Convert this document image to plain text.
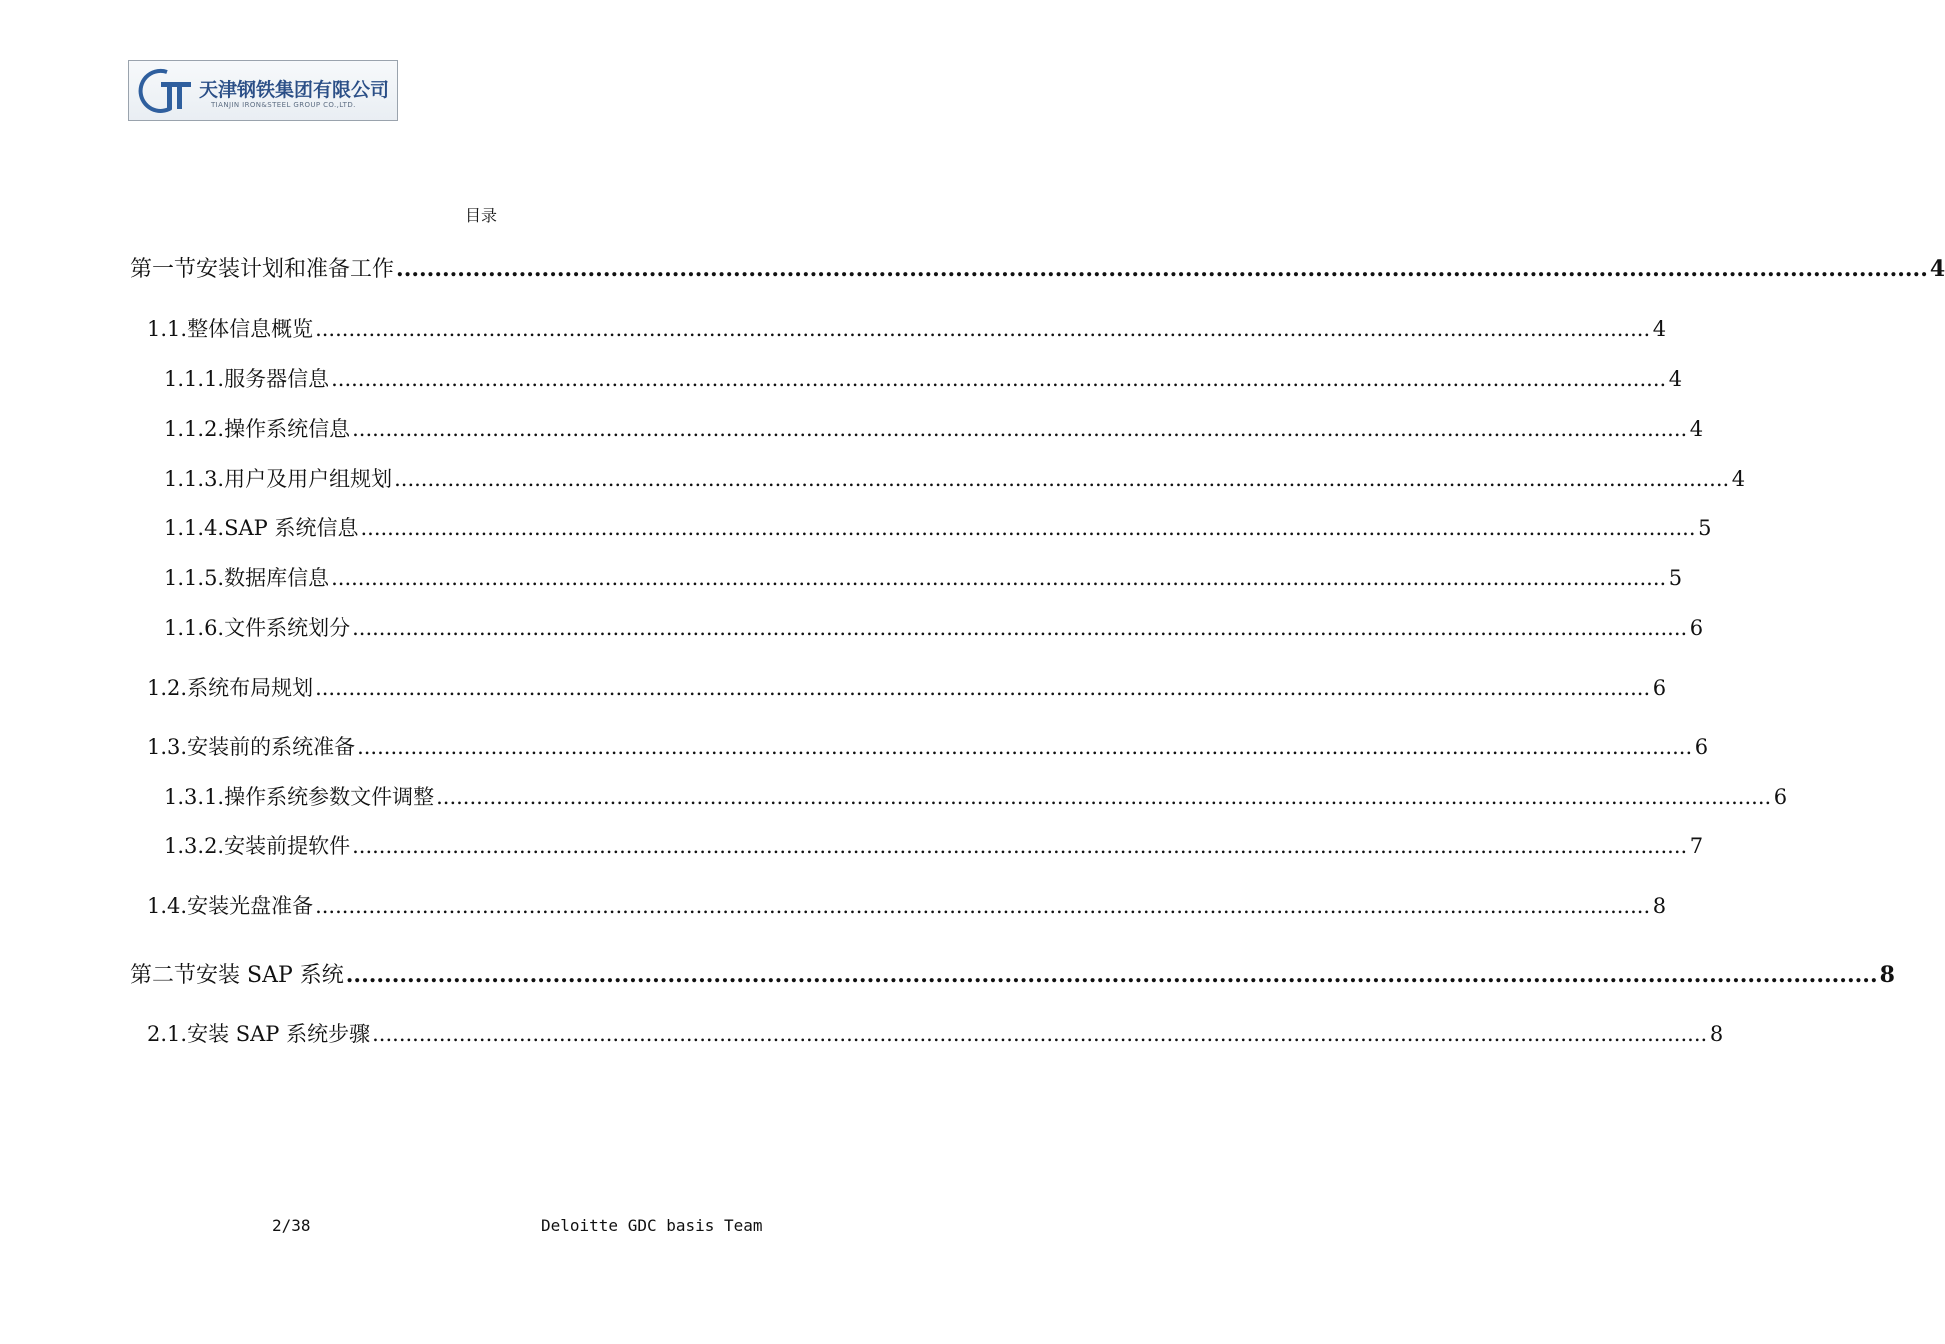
天津钢铁集团有限公司
TIANJIN IRON&STEEL GROUP CO.,LTD.
目录
第一节 安装计划和准备工作 ........................................................................................................................................................................................................ 4
1.1. 整体信息概览 ........................................................................................................................................................................................................ 4
1.1.1. 服务器信息 ........................................................................................................................................................................................................ 4
1.1.2. 操作系统信息 ........................................................................................................................................................................................................ 4
1.1.3. 用户及用户组规划 ........................................................................................................................................................................................................ 4
1.1.4. SAP 系统信息 ........................................................................................................................................................................................................ 5
1.1.5. 数据库信息 ........................................................................................................................................................................................................ 5
1.1.6. 文件系统划分 ........................................................................................................................................................................................................ 6
1.2. 系统布局规划 ........................................................................................................................................................................................................ 6
1.3. 安装前的系统准备 ........................................................................................................................................................................................................ 6
1.3.1. 操作系统参数文件调整 ........................................................................................................................................................................................................ 6
1.3.2. 安装前提软件 ........................................................................................................................................................................................................ 7
1.4. 安装光盘准备 ........................................................................................................................................................................................................ 8
第二节 安装 SAP 系统 ........................................................................................................................................................................................................ 8
2.1. 安装 SAP 系统步骤 ........................................................................................................................................................................................................ 8
2/38	Deloitte GDC basis Team
